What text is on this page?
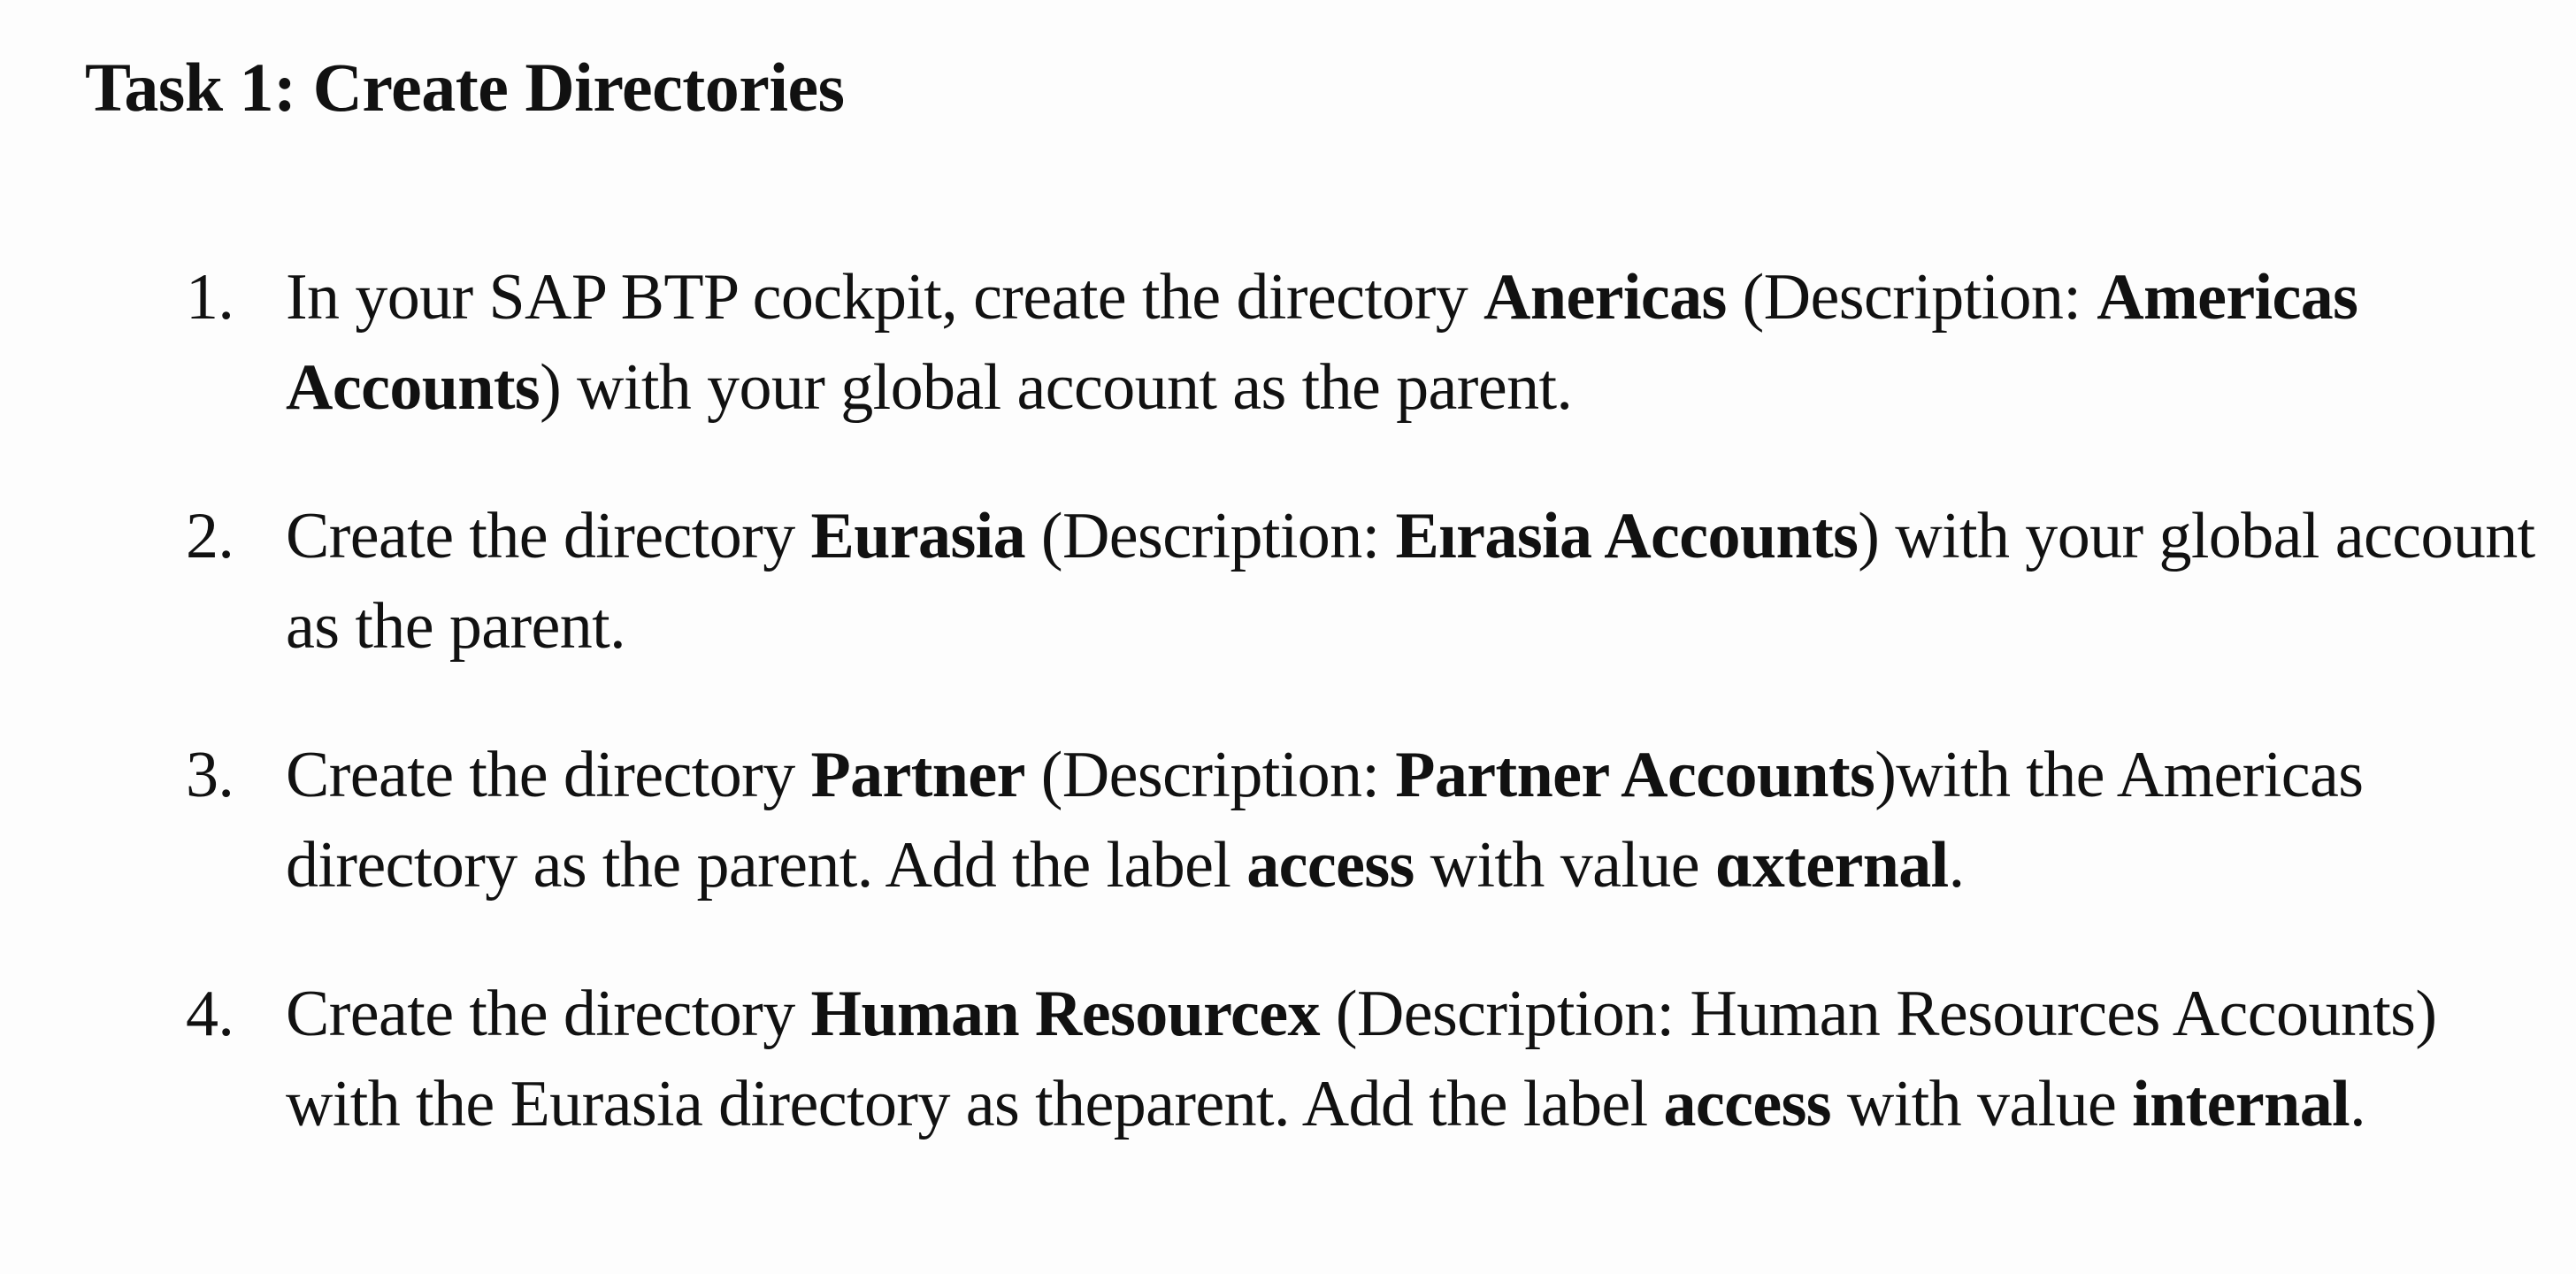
Task 1: Create Directories
1. In your SAP BTP cockpit, create the directory Anericas (Description: Americas Accounts) with your global account as the parent.
2. Create the directory Eurasia (Description: Eırasia Accounts) with your global account as the parent.
3. Create the directory Partner (Description: Partner Accounts)with the Americas directory as the parent. Add the label access with value ɑxternal.
4. Create the directory Human Resourcex (Description: Human Resources Accounts) with the Eurasia directory as theparent. Add the label access with value internal.
